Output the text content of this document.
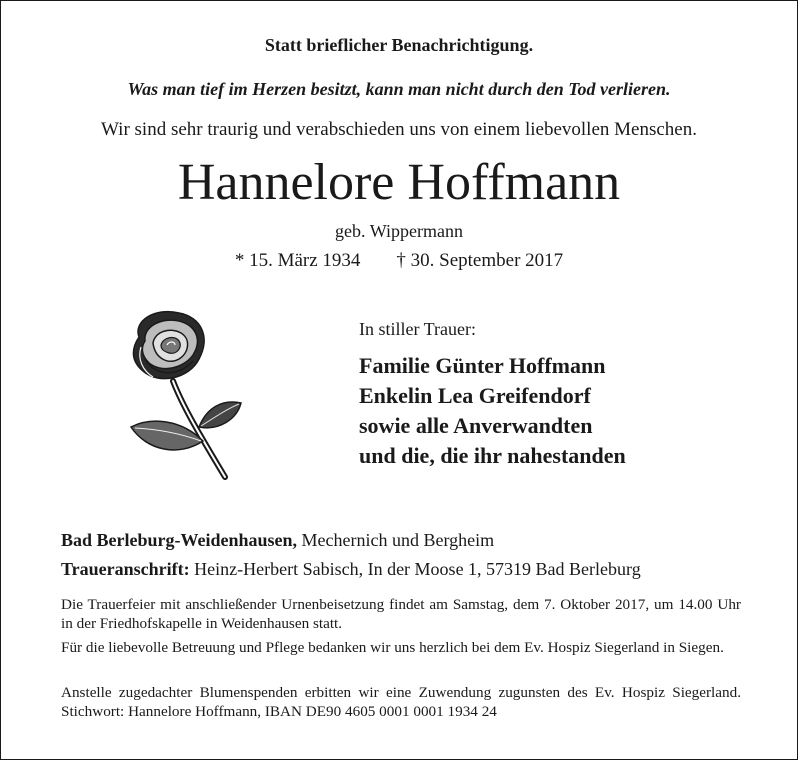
Statt brieflicher Benachrichtigung.
Was man tief im Herzen besitzt, kann man nicht durch den Tod verlieren.
Wir sind sehr traurig und verabschieden uns von einem liebevollen Menschen.
Hannelore Hoffmann
geb. Wippermann
* 15. März 1934 † 30. September 2017
In stiller Trauer:
Familie Günter Hoffmann
Enkelin Lea Greifendorf
sowie alle Anverwandten
und die, die ihr nahestanden
Bad Berleburg-Weidenhausen, Mechernich und Bergheim
Traueranschrift: Heinz-Herbert Sabisch, In der Moose 1, 57319 Bad Berleburg
Die Trauerfeier mit anschließender Urnenbeisetzung findet am Samstag, dem 7. Oktober 2017, um 14.00 Uhr in der Friedhofskapelle in Weidenhausen statt.
Für die liebevolle Betreuung und Pflege bedanken wir uns herzlich bei dem Ev. Hospiz Siegerland in Siegen.
Anstelle zugedachter Blumenspenden erbitten wir eine Zuwendung zugunsten des Ev. Hospiz Siegerland. Stichwort: Hannelore Hoffmann, IBAN DE90 4605 0001 0001 1934 24
